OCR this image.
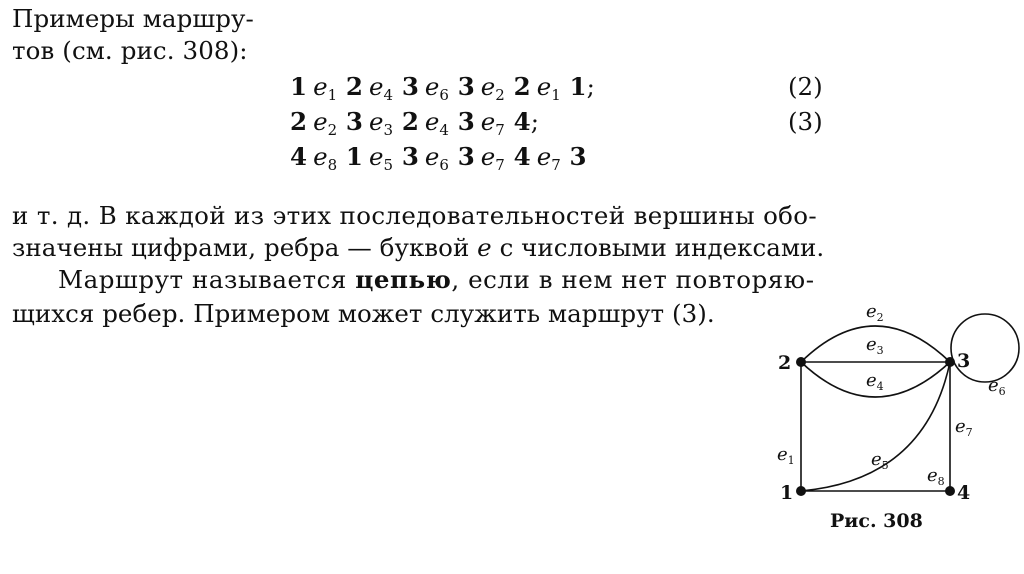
Примеры маршру-
тов (см. рис. 308):
1 $e_1$ 2 $e_4$ 3 $e_6$ 3 $e_2$ 2 $e_1$ 1;	(2)
2 $e_2$ 3 $e_3$ 2 $e_4$ 3 $e_7$ 4;	(3)
4 $e_8$ 1 $e_5$ 3 $e_6$ 3 $e_7$ 4 $e_7$ 3
и т. д. В каждой из этих последовательностей вершины обо-
значены цифрами, ребра — буквой e с числовыми индексами.
Маршрут называется цепью, если в нем нет повторяю-
щихся ребер. Примером может служить маршрут (3).
2	3
1	4
$e_2$
$e_3$
$e_4$	$e_6$
$e_7$
$e_1$	$e_5$ $e_8$
Рис. 308
